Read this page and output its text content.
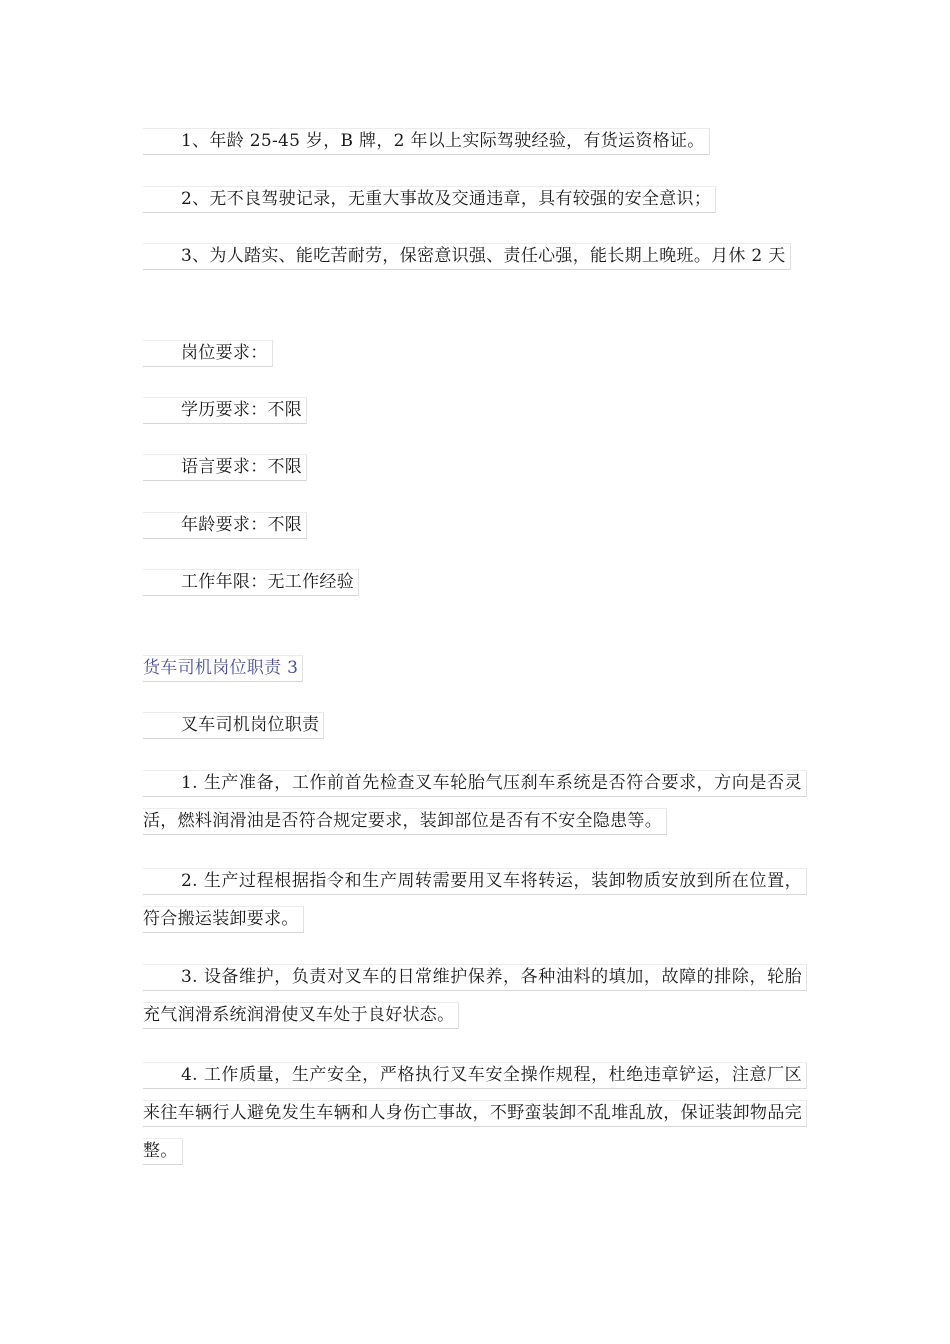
1、年龄 25-45 岁，B 牌，2 年以上实际驾驶经验，有货运资格证。
2、无不良驾驶记录，无重大事故及交通违章，具有较强的安全意识；
3、为人踏实、能吃苦耐劳，保密意识强、责任心强，能长期上晚班。月休 2 天
岗位要求：
学历要求：不限
语言要求：不限
年龄要求：不限
工作年限：无工作经验
货车司机岗位职责 3
叉车司机岗位职责
1. 生产准备，工作前首先检查叉车轮胎气压刹车系统是否符合要求，方向是否灵活，燃料润滑油是否符合规定要求，装卸部位是否有不安全隐患等。
2. 生产过程根据指令和生产周转需要用叉车将转运，装卸物质安放到所在位置，符合搬运装卸要求。
3. 设备维护，负责对叉车的日常维护保养，各种油料的填加，故障的排除，轮胎充气润滑系统润滑使叉车处于良好状态。
4. 工作质量，生产安全，严格执行叉车安全操作规程，杜绝违章铲运，注意厂区来往车辆行人避免发生车辆和人身伤亡事故，不野蛮装卸不乱堆乱放，保证装卸物品完整。
